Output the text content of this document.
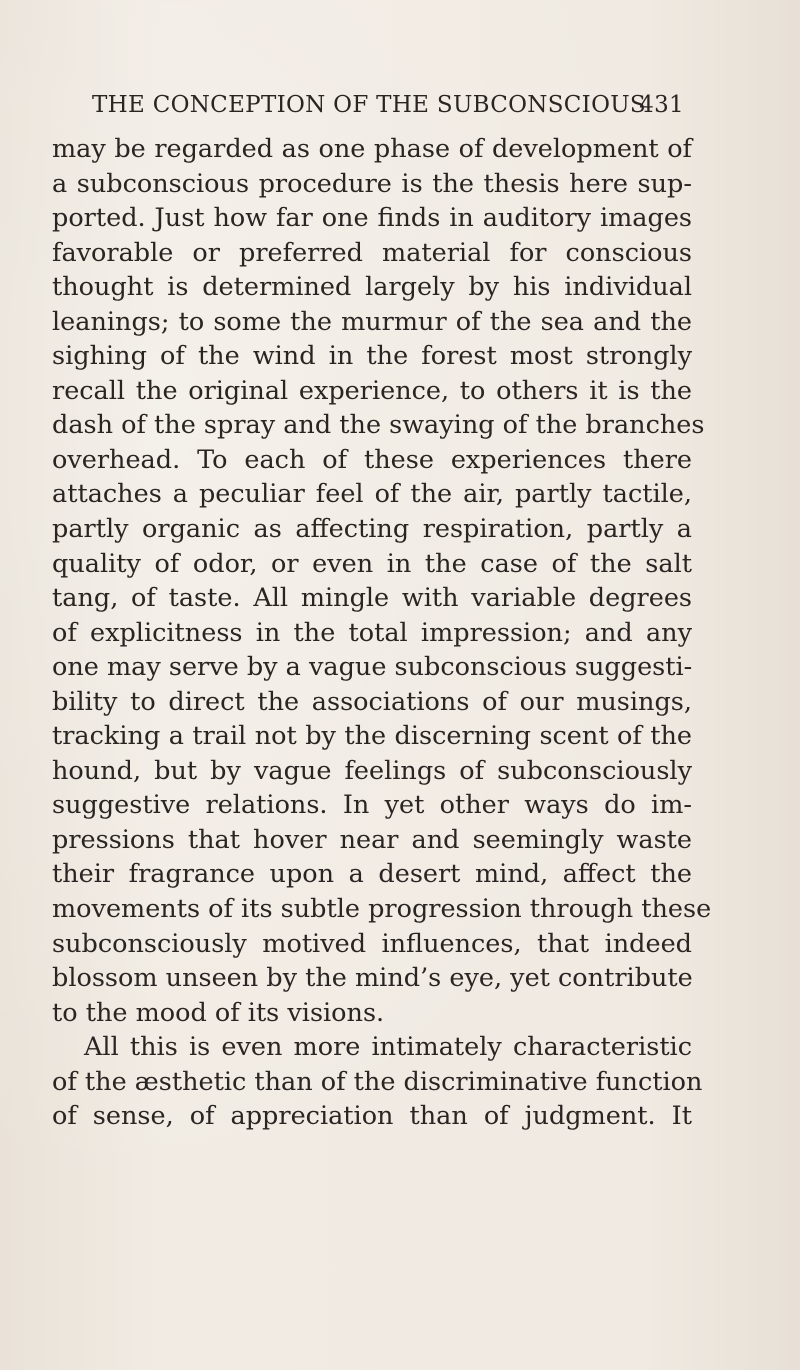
THE CONCEPTION OF THE SUBCONSCIOUS
431
may be regarded as one phase of development of
a subconscious procedure is the thesis here sup-
ported. Just how far one finds in auditory images
favorable or preferred material for conscious
thought is determined largely by his individual
leanings; to some the murmur of the sea and the
sighing of the wind in the forest most strongly
recall the original experience, to others it is the
dash of the spray and the swaying of the branches
overhead. To each of these experiences there
attaches a peculiar feel of the air, partly tactile,
partly organic as affecting respiration, partly a
quality of odor, or even in the case of the salt
tang, of taste. All mingle with variable degrees
of explicitness in the total impression; and any
one may serve by a vague subconscious suggesti-
bility to direct the associations of our musings,
tracking a trail not by the discerning scent of the
hound, but by vague feelings of subconsciously
suggestive relations. In yet other ways do im-
pressions that hover near and seemingly waste
their fragrance upon a desert mind, affect the
movements of its subtle progression through these
subconsciously motived influences, that indeed
blossom unseen by the mind’s eye, yet contribute
to the mood of its visions.
All this is even more intimately characteristic
of the æsthetic than of the discriminative function
of sense, of appreciation than of judgment. It
